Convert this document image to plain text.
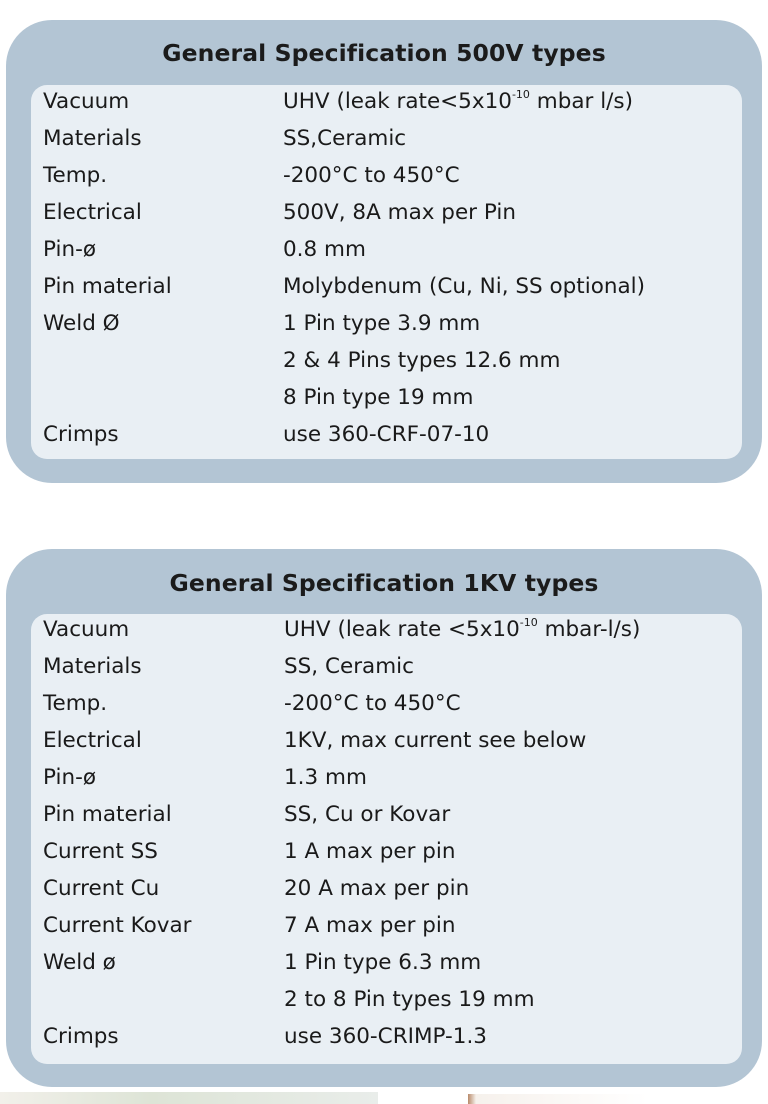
General Specification 500V types
Vacuum	UHV (leak $rate<5x10^{-10}$ mbar l/s)
Materials	SS,Ceramic
Temp.	-200°C to 450°C
Electrical	500V, 8A max per Pin
Pin-ø	0.8 mm
Pin material	Molybdenum (Cu, Ni, SS optional)
Weld Ø	1 Pin type 3.9 mm
2 & 4 Pins types 12.6 mm
8 Pin type 19 mm
Crimps	use 360-CRF-07-10
General Specification 1KV types
Vacuum	UHV (leak rate $<5x10^{-10}$ mbar-l/s)
Materials	SS, Ceramic
Temp.	-200°C to 450°C
Electrical	1KV, max current see below
Pin-ø	1.3 mm
Pin material	SS, Cu or Kovar
Current SS	1 A max per pin
Current Cu	20 A max per pin
Current Kovar	7 A max per pin
Weld ø	1 Pin type 6.3 mm
2 to 8 Pin types 19 mm
Crimps	use 360-CRIMP-1.3
